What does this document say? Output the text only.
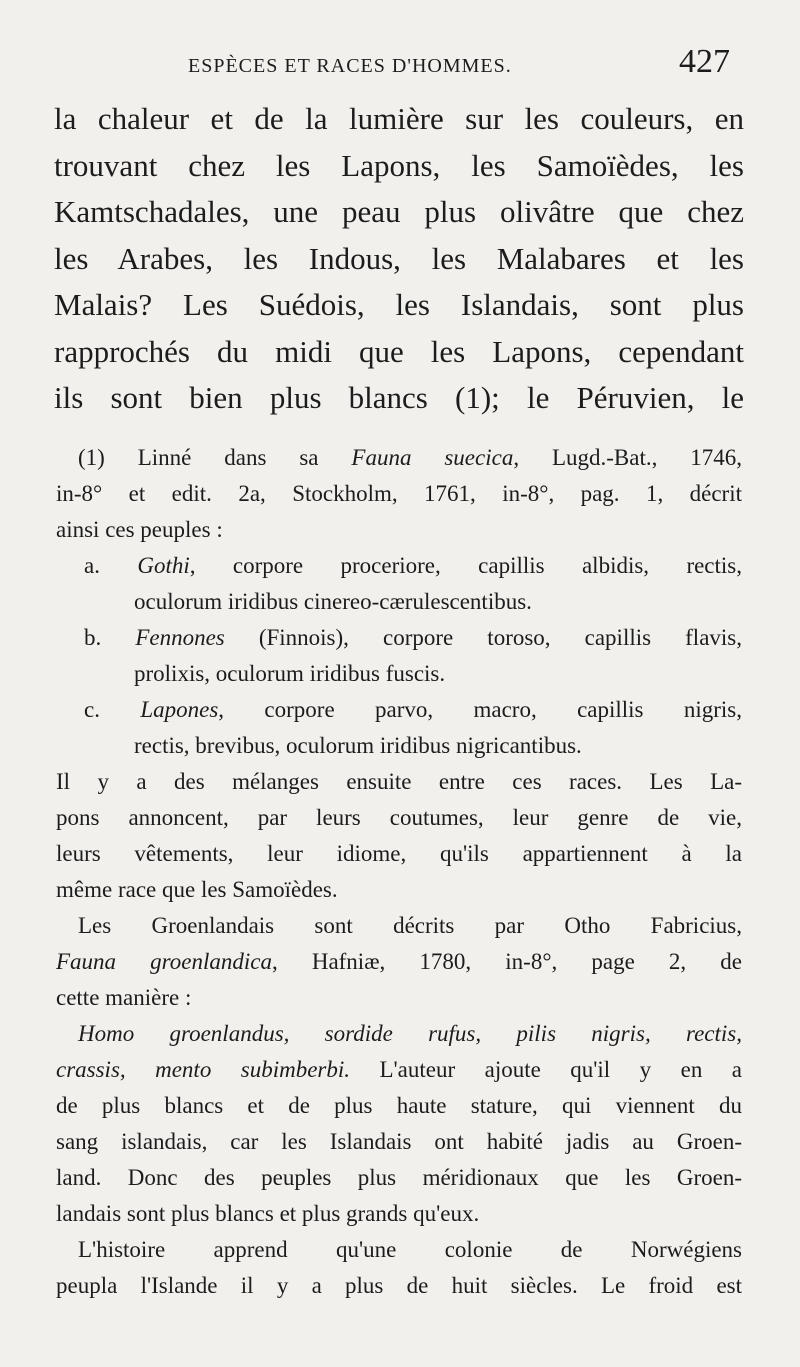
ESPÈCES ET RACES D'HOMMES.	427
la chaleur et de la lumière sur les couleurs, en
trouvant chez les Lapons, les Samoïèdes, les
Kamtschadales, une peau plus olivâtre que chez
les Arabes, les Indous, les Malabares et les
Malais? Les Suédois, les Islandais, sont plus
rapprochés du midi que les Lapons, cependant
ils sont bien plus blancs (1); le Péruvien, le
(1) Linné dans sa Fauna suecica, Lugd.-Bat., 1746,
in-8° et edit. 2a, Stockholm, 1761, in-8°, pag. 1, décrit
ainsi ces peuples :
a. Gothi, corpore proceriore, capillis albidis, rectis,
oculorum iridibus cinereo-cærulescentibus.
b. Fennones (Finnois), corpore toroso, capillis flavis,
prolixis, oculorum iridibus fuscis.
c. Lapones, corpore parvo, macro, capillis nigris,
rectis, brevibus, oculorum iridibus nigricantibus.
Il y a des mélanges ensuite entre ces races. Les La-
pons annoncent, par leurs coutumes, leur genre de vie,
leurs vêtements, leur idiome, qu'ils appartiennent à la
même race que les Samoïèdes.
Les Groenlandais sont décrits par Otho Fabricius,
Fauna groenlandica, Hafniæ, 1780, in-8°, page 2, de
cette manière :
Homo groenlandus, sordide rufus, pilis nigris, rectis,
crassis, mento subimberbi. L'auteur ajoute qu'il y en a
de plus blancs et de plus haute stature, qui viennent du
sang islandais, car les Islandais ont habité jadis au Groen-
land. Donc des peuples plus méridionaux que les Groen-
landais sont plus blancs et plus grands qu'eux.
L'histoire apprend qu'une colonie de Norwégiens
peupla l'Islande il y a plus de huit siècles. Le froid est
